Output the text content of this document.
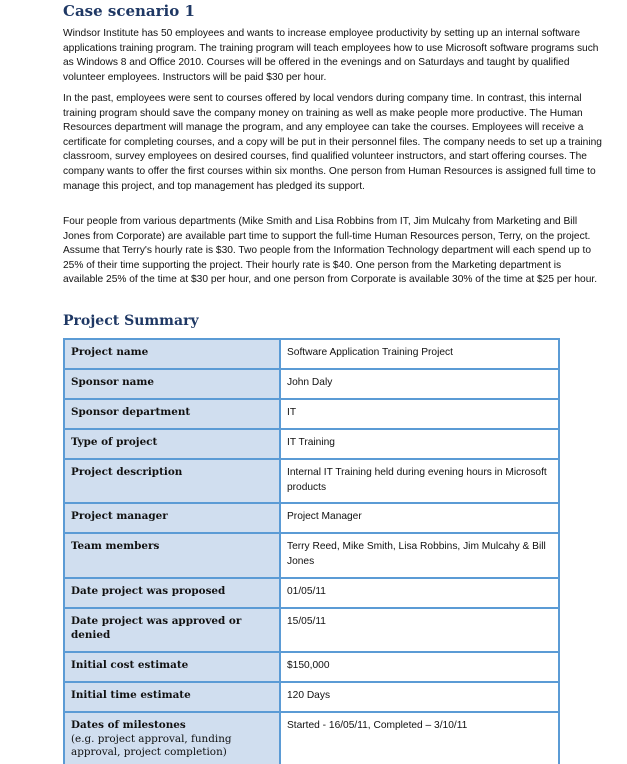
Case scenario 1

Windsor Institute has 50 employees and wants to increase employee productivity by setting up an internal software applications training program. The training program will teach employees how to use Microsoft software programs such as Windows 8 and Office 2010. Courses will be offered in the evenings and on Saturdays and taught by qualified volunteer employees. Instructors will be paid $30 per hour.

In the past, employees were sent to courses offered by local vendors during company time. In contrast, this internal training program should save the company money on training as well as make people more productive. The Human Resources department will manage the program, and any employee can take the courses. Employees will receive a certificate for completing courses, and a copy will be put in their personnel files. The company needs to set up a training classroom, survey employees on desired courses, find qualified volunteer instructors, and start offering courses. The company wants to offer the first courses within six months. One person from Human Resources is assigned full time to manage this project, and top management has pledged its support.

Four people from various departments (Mike Smith and Lisa Robbins from IT, Jim Mulcahy from Marketing and Bill Jones from Corporate) are available part time to support the full-time Human Resources person, Terry, on the project. Assume that Terry's hourly rate is $30. Two people from the Information Technology department will each spend up to 25% of their time supporting the project. Their hourly rate is $40. One person from the Marketing department is available 25% of the time at $30 per hour, and one person from Corporate is available 30% of the time at $25 per hour.

Project Summary
Project name	Software Application Training Project
Sponsor name	John Daly
Sponsor department	IT
Type of project	IT Training
Project description	Internal IT Training held during evening hours in Microsoft products
Project manager	Project Manager
Team members	Terry Reed, Mike Smith, Lisa Robbins, Jim Mulcahy & Bill Jones
Date project was proposed	01/05/11
Date project was approved or denied	15/05/11
Initial cost estimate	$150,000
Initial time estimate	120 Days
Dates of milestones
(e.g. project approval, funding approval, project completion)	Started - 16/05/11, Completed – 3/10/11
